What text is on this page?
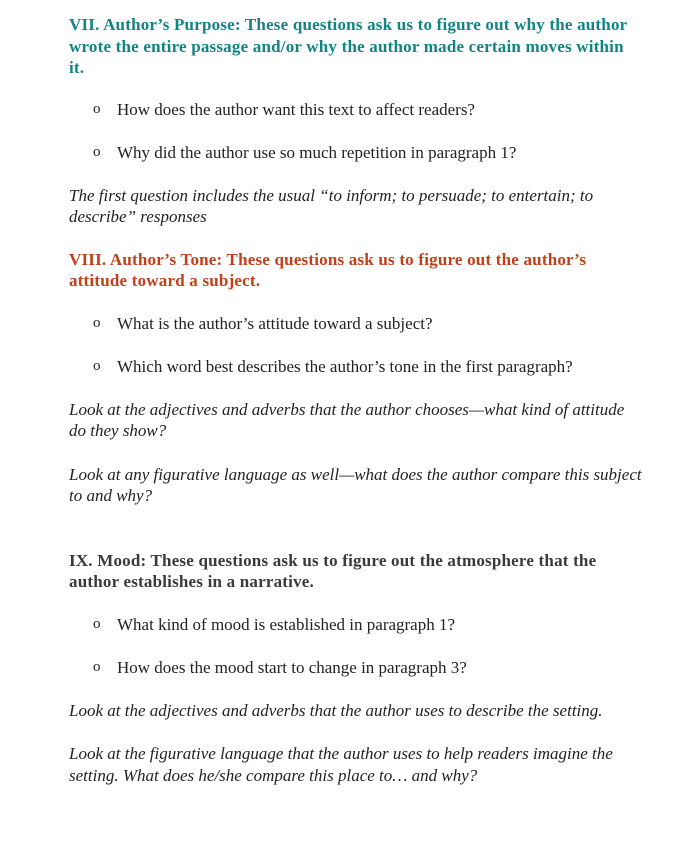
VII. Author’s Purpose: These questions ask us to figure out why the author wrote the entire passage and/or why the author made certain moves within it.

o How does the author want this text to affect readers?
o Why did the author use so much repetition in paragraph 1?

The first question includes the usual “to inform; to persuade; to entertain; to describe” responses

VIII. Author’s Tone: These questions ask us to figure out the author’s attitude toward a subject.

o What is the author’s attitude toward a subject?
o Which word best describes the author’s tone in the first paragraph?

Look at the adjectives and adverbs that the author chooses—what kind of attitude do they show?

Look at any figurative language as well—what does the author compare this subject to and why?

IX. Mood: These questions ask us to figure out the atmosphere that the author establishes in a narrative.

o What kind of mood is established in paragraph 1?
o How does the mood start to change in paragraph 3?

Look at the adjectives and adverbs that the author uses to describe the setting.

Look at the figurative language that the author uses to help readers imagine the setting. What does he/she compare this place to… and why?
